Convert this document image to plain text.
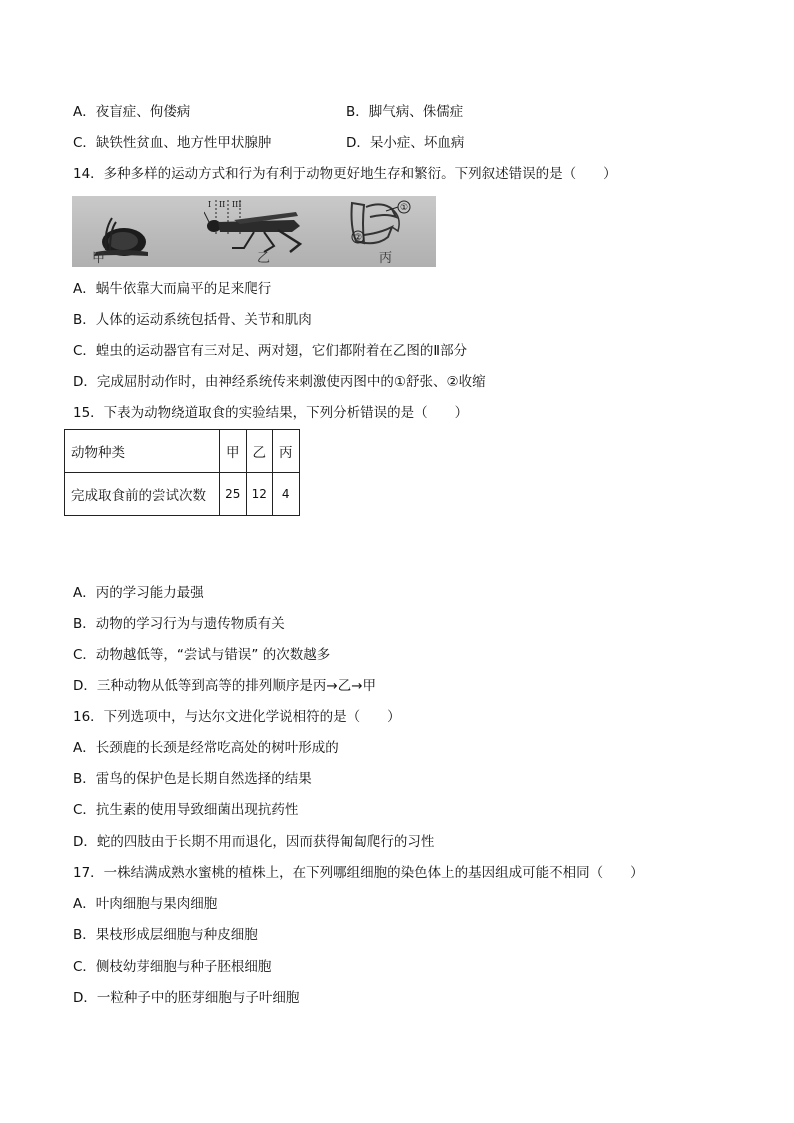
A．夜盲症、佝偻病	B．脚气病、侏儒症
C．缺铁性贫血、地方性甲状腺肿	D．呆小症、坏血病
14．多种多样的运动方式和行为有利于动物更好地生存和繁衍。下列叙述错误的是（　　）
甲
I II III
乙
①
②
丙
A．蜗牛依靠大而扁平的足来爬行
B．人体的运动系统包括骨、关节和肌肉
C．蝗虫的运动器官有三对足、两对翅，它们都附着在乙图的Ⅱ部分
D．完成屈肘动作时，由神经系统传来刺激使丙图中的①舒张、②收缩
15．下表为动物绕道取食的实验结果，下列分析错误的是（　　）
动物种类	甲	乙	丙
完成取食前的尝试次数	25	12	4
A．丙的学习能力最强
B．动物的学习行为与遗传物质有关
C．动物越低等，“尝试与错误” 的次数越多
D．三种动物从低等到高等的排列顺序是丙→乙→甲
16．下列选项中，与达尔文进化学说相符的是（　　）
A．长颈鹿的长颈是经常吃高处的树叶形成的
B．雷鸟的保护色是长期自然选择的结果
C．抗生素的使用导致细菌出现抗药性
D．蛇的四肢由于长期不用而退化，因而获得匍匐爬行的习性
17．一株结满成熟水蜜桃的植株上，在下列哪组细胞的染色体上的基因组成可能不相同（　　）
A．叶肉细胞与果肉细胞
B．果枝形成层细胞与种皮细胞
C．侧枝幼芽细胞与种子胚根细胞
D．一粒种子中的胚芽细胞与子叶细胞
